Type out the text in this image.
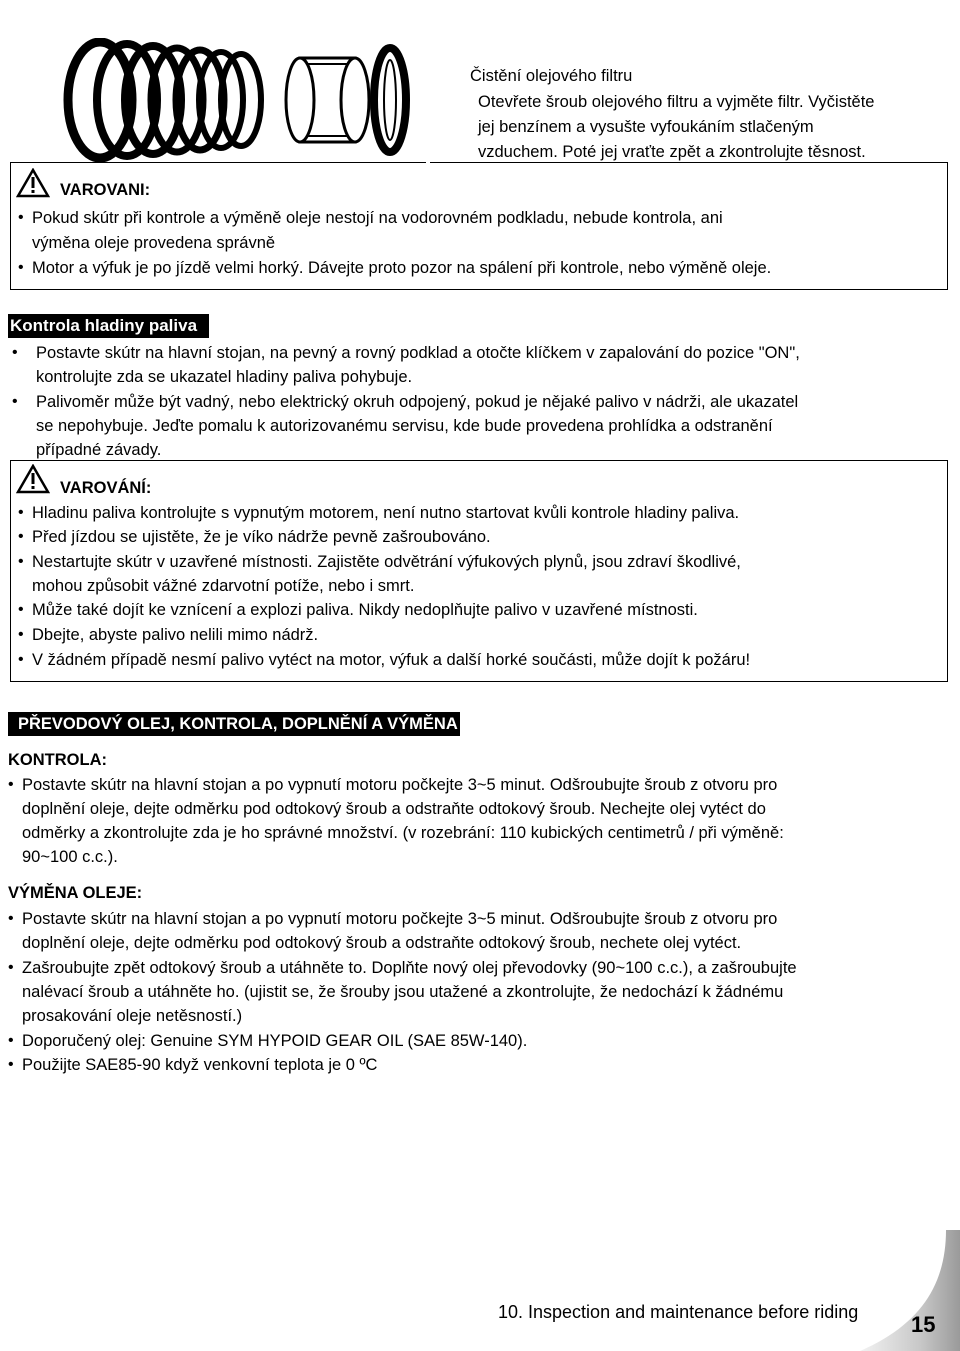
Čistění olejového filtru
Otevřete šroub olejového filtru a vyjměte filtr. Vyčistěte
jej benzínem a vysušte vyfoukáním stlačeným
vzduchem. Poté jej vraťte zpět a zkontrolujte těsnost.
VAROVANI:
• Pokud skútr při kontrole a výměně oleje nestojí na vodorovném podkladu, nebude kontrola, ani
výměna oleje provedena správně
• Motor a výfuk je po jízdě velmi horký. Dávejte proto pozor na spálení při kontrole, nebo výměně oleje.
Kontrola hladiny paliva
• Postavte skútr na hlavní stojan, na pevný a rovný podklad a otočte klíčkem v zapalování do pozice "ON",
kontrolujte zda se ukazatel hladiny paliva pohybuje.
• Palivoměr může být vadný, nebo elektrický okruh odpojený, pokud je nějaké palivo v nádrži, ale ukazatel
se nepohybuje. Jeďte pomalu k autorizovanému servisu, kde bude provedena prohlídka a odstranění
případné závady.
VAROVÁNÍ:
• Hladinu paliva kontrolujte s vypnutým motorem, není nutno startovat kvůli kontrole hladiny paliva.
• Před jízdou se ujistěte, že je víko nádrže pevně zašroubováno.
• Nestartujte skútr v uzavřené místnosti. Zajistěte odvětrání výfukových plynů, jsou zdraví škodlivé,
mohou způsobit vážné zdarvotní potíže, nebo i smrt.
• Může také dojít ke vznícení a explozi paliva. Nikdy nedoplňujte palivo v uzavřené místnosti.
• Dbejte, abyste palivo nelili mimo nádrž.
• V žádném případě nesmí palivo vytéct na motor, výfuk a další horké součásti, může dojít k požáru!
PŘEVODOVÝ OLEJ, KONTROLA, DOPLNĚNÍ A VÝMĚNA
KONTROLA:
• Postavte skútr na hlavní stojan a po vypnutí motoru počkejte 3~5 minut. Odšroubujte šroub z otvoru pro
doplnění oleje, dejte odměrku pod odtokový šroub a odstraňte odtokový šroub. Nechejte olej vytéct do
odměrky a zkontrolujte zda je ho správné množství. (v rozebrání: 110 kubických centimetrů / při výměně:
90~100 c.c.).
VÝMĚNA OLEJE:
• Postavte skútr na hlavní stojan a po vypnutí motoru počkejte 3~5 minut. Odšroubujte šroub z otvoru pro
doplnění oleje, dejte odměrku pod odtokový šroub a odstraňte odtokový šroub, nechete olej vytéct.
• Zašroubujte zpět odtokový šroub a utáhněte to. Doplňte nový olej převodovky (90~100 c.c.), a zašroubujte
nalévací šroub a utáhněte ho. (ujistit se, že šrouby jsou utažené a zkontrolujte, že nedochází k žádnému
prosakování oleje netěsností.)
• Doporučený olej: Genuine SYM HYPOID GEAR OIL (SAE 85W-140).
• Použijte SAE85-90 když venkovní teplota je 0 ºC
10. Inspection and maintenance before riding 15
